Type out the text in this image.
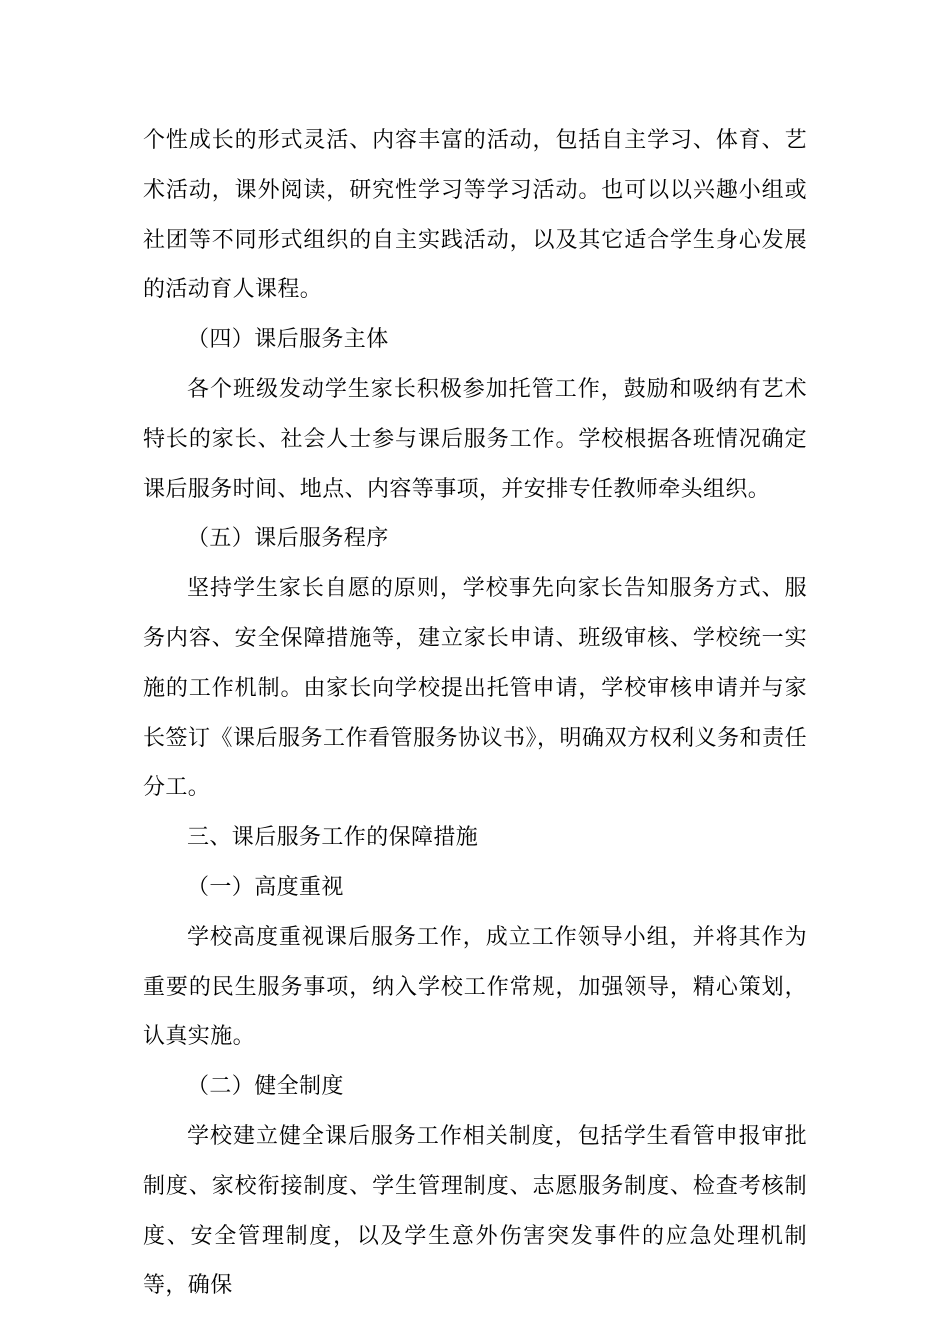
个性成长的形式灵活、内容丰富的活动，包括自主学习、体育、艺术活动，课外阅读，研究性学习等学习活动。也可以以兴趣小组或社团等不同形式组织的自主实践活动，以及其它适合学生身心发展的活动育人课程。

（四）课后服务主体

各个班级发动学生家长积极参加托管工作，鼓励和吸纳有艺术特长的家长、社会人士参与课后服务工作。学校根据各班情况确定课后服务时间、地点、内容等事项，并安排专任教师牵头组织。

（五）课后服务程序

坚持学生家长自愿的原则，学校事先向家长告知服务方式、服务内容、安全保障措施等，建立家长申请、班级审核、学校统一实施的工作机制。由家长向学校提出托管申请，学校审核申请并与家长签订《课后服务工作看管服务协议书》，明确双方权利义务和责任分工。

三、课后服务工作的保障措施

（一）高度重视

学校高度重视课后服务工作，成立工作领导小组，并将其作为重要的民生服务事项，纳入学校工作常规，加强领导，精心策划，认真实施。

（二）健全制度

学校建立健全课后服务工作相关制度，包括学生看管申报审批制度、家校衔接制度、学生管理制度、志愿服务制度、检查考核制度、安全管理制度，以及学生意外伤害突发事件的应急处理机制等，确保
